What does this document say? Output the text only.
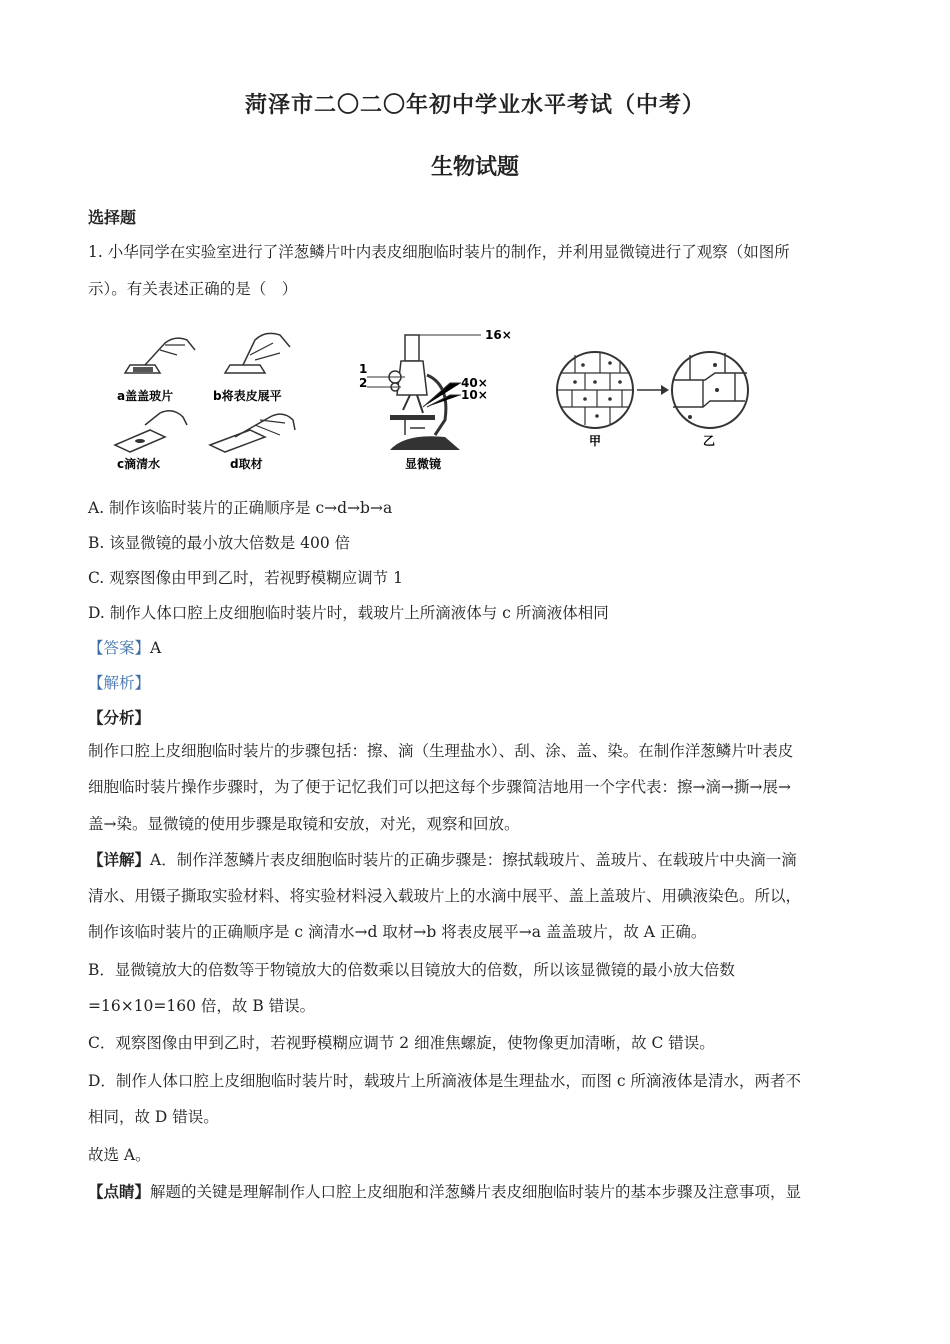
菏泽市二〇二〇年初中学业水平考试（中考）
生物试题
选择题
1. 小华同学在实验室进行了洋葱鳞片叶内表皮细胞临时装片的制作，并利用显微镜进行了观察（如图所
示）。有关表述正确的是（　）
a盖盖玻片	b将表皮展平
c滴清水	d取材
16×
40×
10×
1
2
显微镜
甲	乙
A. 制作该临时装片的正确顺序是 c→d→b→a
B. 该显微镜的最小放大倍数是 400 倍
C. 观察图像由甲到乙时，若视野模糊应调节 1
D. 制作人体口腔上皮细胞临时装片时，载玻片上所滴液体与 c 所滴液体相同
【答案】A
【解析】
【分析】
制作口腔上皮细胞临时装片的步骤包括：擦、滴（生理盐水）、刮、涂、盖、染。在制作洋葱鳞片叶表皮
细胞临时装片操作步骤时，为了便于记忆我们可以把这每个步骤简洁地用一个字代表：擦→滴→撕→展→
盖→染。显微镜的使用步骤是取镜和安放，对光，观察和回放。
【详解】A．制作洋葱鳞片表皮细胞临时装片的正确步骤是：擦拭载玻片、盖玻片、在载玻片中央滴一滴
清水、用镊子撕取实验材料、将实验材料浸入载玻片上的水滴中展平、盖上盖玻片、用碘液染色。所以，
制作该临时装片的正确顺序是 c 滴清水→d 取材→b 将表皮展平→a 盖盖玻片，故 A 正确。
B．显微镜放大的倍数等于物镜放大的倍数乘以目镜放大的倍数，所以该显微镜的最小放大倍数
=16×10=160 倍，故 B 错误。
C．观察图像由甲到乙时，若视野模糊应调节 2 细准焦螺旋，使物像更加清晰，故 C 错误。
D．制作人体口腔上皮细胞临时装片时，载玻片上所滴液体是生理盐水，而图 c 所滴液体是清水，两者不
相同，故 D 错误。
故选 A。
【点睛】解题的关键是理解制作人口腔上皮细胞和洋葱鳞片表皮细胞临时装片的基本步骤及注意事项，显
